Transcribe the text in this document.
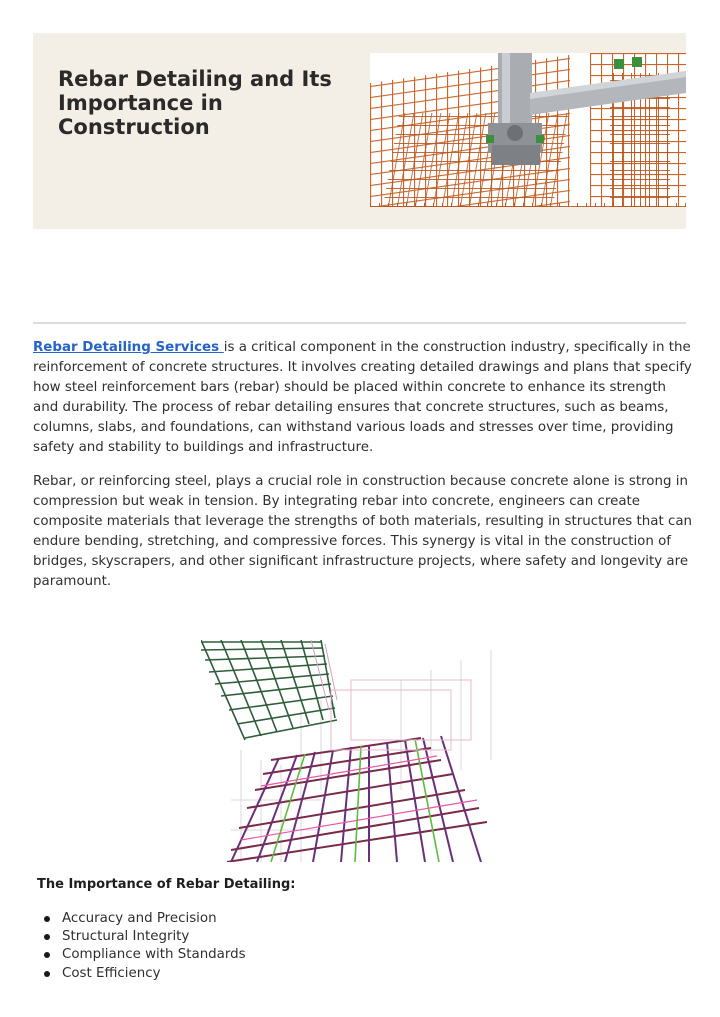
Rebar Detailing and Its Importance in Construction

Rebar Detailing Services is a critical component in the construction industry, specifically in the reinforcement of concrete structures. It involves creating detailed drawings and plans that specify how steel reinforcement bars (rebar) should be placed within concrete to enhance its strength and durability. The process of rebar detailing ensures that concrete structures, such as beams, columns, slabs, and foundations, can withstand various loads and stresses over time, providing safety and stability to buildings and infrastructure.

Rebar, or reinforcing steel, plays a crucial role in construction because concrete alone is strong in compression but weak in tension. By integrating rebar into concrete, engineers can create composite materials that leverage the strengths of both materials, resulting in structures that can endure bending, stretching, and compressive forces. This synergy is vital in the construction of bridges, skyscrapers, and other significant infrastructure projects, where safety and longevity are paramount.

The Importance of Rebar Detailing:

Accuracy and Precision
Structural Integrity
Compliance with Standards
Cost Efficiency
